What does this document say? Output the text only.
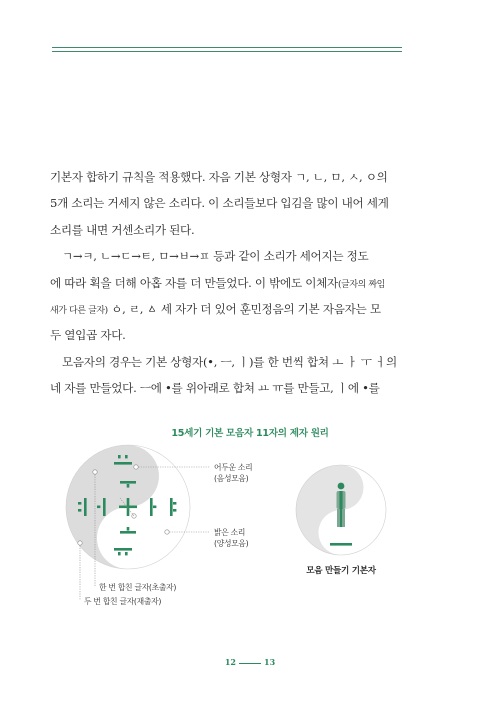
기본자 합하기 규칙을 적용했다. 자음 기본 상형자 ㄱ, ㄴ, ㅁ, ㅅ, ㅇ의
5개 소리는 거세지 않은 소리다. 이 소리들보다 입김을 많이 내어 세게
소리를 내면 거센소리가 된다.

ㄱ→ㅋ, ㄴ→ㄷ→ㅌ, ㅁ→ㅂ→ㅍ 등과 같이 소리가 세어지는 정도
에 따라 획을 더해 아홉 자를 더 만들었다. 이 밖에도 이체자(글자의 짜임
새가 다른 글자) ㆁ, ㄹ, ㅿ 세 자가 더 있어 훈민정음의 기본 자음자는 모
두 열입곱 자다.

모음자의 경우는 기본 상형자(•, ㅡ, ㅣ)를 한 번씩 합쳐 ㅗ ㅏ ㅜ ㅓ의
네 자를 만들었다. ㅡ에 •를 위아래로 합쳐 ㅛ ㅠ를 만들고, ㅣ에 •를

15세기 기본 모음자 11자의 제자 원리
어두운 소리
(음성모음)
밝은 소리
(양성모음)
한 번 합친 글자(초출자)
두 번 합친 글자(재출자)
모음 만들기 기본자
12	13
